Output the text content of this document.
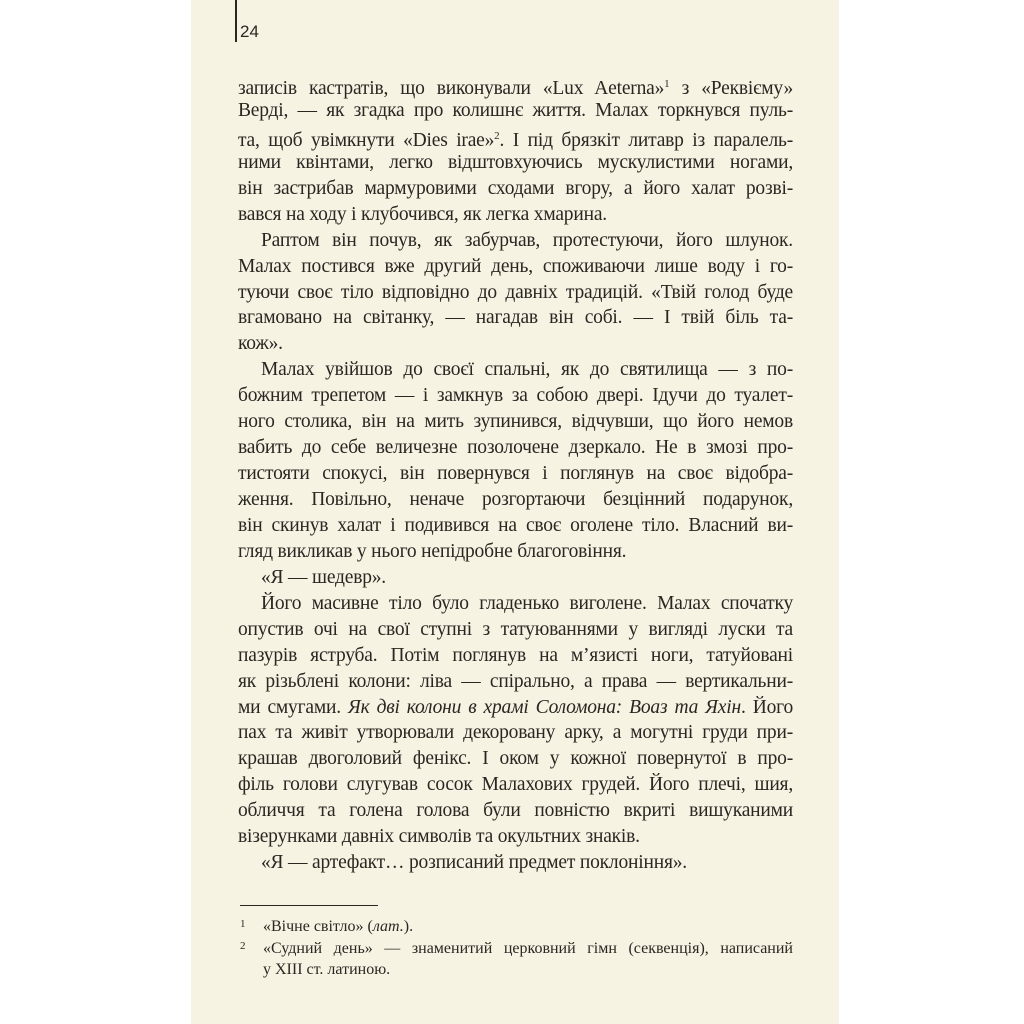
24
записів кастратів, що виконували «Lux Aeterna»$^1$ з «Реквієму»
Верді, — як згадка про колишнє життя. Малах торкнувся пуль-
та, щоб увімкнути «Dies irae»$^2$. І під брязкіт литавр із паралель-
ними квінтами, легко відштовхуючись мускулистими ногами,
він застрибав мармуровими сходами вгору, а його халат розві-
вався на ходу і клубочився, як легка хмарина.
Раптом він почув, як забурчав, протестуючи, його шлунок.
Малах постився вже другий день, споживаючи лише воду і го-
туючи своє тіло відповідно до давніх традицій. «Твій голод буде
вгамовано на світанку, — нагадав він собі. — І твій біль та-
кож».
Малах увійшов до своєї спальні, як до святилища — з по-
божним трепетом — і замкнув за собою двері. Ідучи до туалет-
ного столика, він на мить зупинився, відчувши, що його немов
вабить до себе величезне позолочене дзеркало. Не в змозі про-
тистояти спокусі, він повернувся і поглянув на своє відобра-
ження. Повільно, неначе розгортаючи безцінний подарунок,
він скинув халат і подивився на своє оголене тіло. Власний ви-
гляд викликав у нього непідробне благоговіння.
«Я — шедевр».
Його масивне тіло було гладенько виголене. Малах спочатку
опустив очі на свої ступні з татуюваннями у вигляді луски та
пазурів яструба. Потім поглянув на м’язисті ноги, татуйовані
як різьблені колони: ліва — спірально, а права — вертикальни-
ми смугами. Як дві колони в храмі Соломона: Воаз та Яхін. Його
пах та живіт утворювали декоровану арку, а могутні груди при-
крашав двоголовий фенікс. І оком у кожної повернутої в про-
філь голови слугував сосок Малахових грудей. Його плечі, шия,
обличчя та голена голова були повністю вкриті вишуканими
візерунками давніх символів та окультних знаків.
«Я — артефакт… розписаний предмет поклоніння».
1 «Вічне світло» (лат.).
2 «Судний день» — знаменитий церковний гімн (секвенція), написаний
у XIII ст. латиною.
